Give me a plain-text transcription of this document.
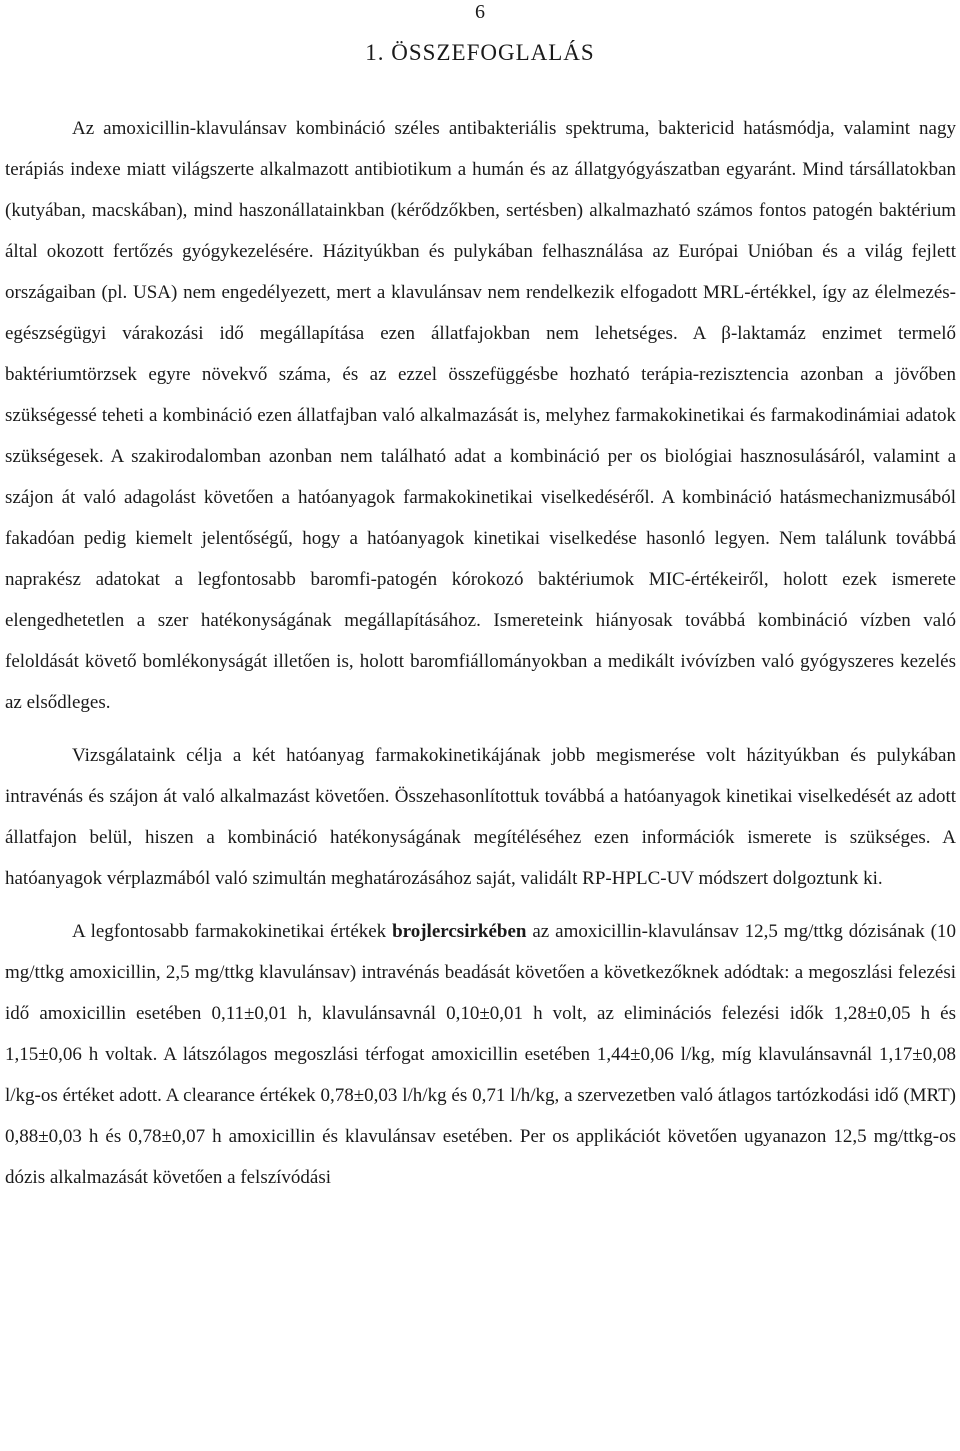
6
1. ÖSSZEFOGLALÁS

Az amoxicillin-klavulánsav kombináció széles antibakteriális spektruma, baktericid hatásmódja, valamint nagy terápiás indexe miatt világszerte alkalmazott antibiotikum a humán és az állatgyógyászatban egyaránt. Mind társállatokban (kutyában, macskában), mind haszonállatainkban (kérődzőkben, sertésben) alkalmazható számos fontos patogén baktérium által okozott fertőzés gyógykezelésére. Házityúkban és pulykában felhasználása az Európai Unióban és a világ fejlett országaiban (pl. USA) nem engedélyezett, mert a klavulánsav nem rendelkezik elfogadott MRL-értékkel, így az élelmezés-egészségügyi várakozási idő megállapítása ezen állatfajokban nem lehetséges. A β-laktamáz enzimet termelő baktériumtörzsek egyre növekvő száma, és az ezzel összefüggésbe hozható terápia-rezisztencia azonban a jövőben szükségessé teheti a kombináció ezen állatfajban való alkalmazását is, melyhez farmakokinetikai és farmakodinámiai adatok szükségesek. A szakirodalomban azonban nem található adat a kombináció per os biológiai hasznosulásáról, valamint a szájon át való adagolást követően a hatóanyagok farmakokinetikai viselkedéséről. A kombináció hatásmechanizmusából fakadóan pedig kiemelt jelentőségű, hogy a hatóanyagok kinetikai viselkedése hasonló legyen. Nem találunk továbbá naprakész adatokat a legfontosabb baromfi-patogén kórokozó baktériumok MIC-értékeiről, holott ezek ismerete elengedhetetlen a szer hatékonyságának megállapításához. Ismereteink hiányosak továbbá kombináció vízben való feloldását követő bomlékonyságát illetően is, holott baromfiállományokban a medikált ivóvízben való gyógyszeres kezelés az elsődleges.

Vizsgálataink célja a két hatóanyag farmakokinetikájának jobb megismerése volt házityúkban és pulykában intravénás és szájon át való alkalmazást követően. Összehasonlítottuk továbbá a hatóanyagok kinetikai viselkedését az adott állatfajon belül, hiszen a kombináció hatékonyságának megítéléséhez ezen információk ismerete is szükséges. A hatóanyagok vérplazmából való szimultán meghatározásához saját, validált RP-HPLC-UV módszert dolgoztunk ki.

A legfontosabb farmakokinetikai értékek brojlercsirkében az amoxicillin-klavulánsav 12,5 mg/ttkg dózisának (10 mg/ttkg amoxicillin, 2,5 mg/ttkg klavulánsav) intravénás beadását követően a következőknek adódtak: a megoszlási felezési idő amoxicillin esetében 0,11±0,01 h, klavulánsavnál 0,10±0,01 h volt, az eliminációs felezési idők 1,28±0,05 h és 1,15±0,06 h voltak. A látszólagos megoszlási térfogat amoxicillin esetében 1,44±0,06 l/kg, míg klavulánsavnál 1,17±0,08 l/kg-os értéket adott. A clearance értékek 0,78±0,03 l/h/kg és 0,71 l/h/kg, a szervezetben való átlagos tartózkodási idő (MRT) 0,88±0,03 h és 0,78±0,07 h amoxicillin és klavulánsav esetében. Per os applikációt követően ugyanazon 12,5 mg/ttkg-os dózis alkalmazását követően a felszívódási
